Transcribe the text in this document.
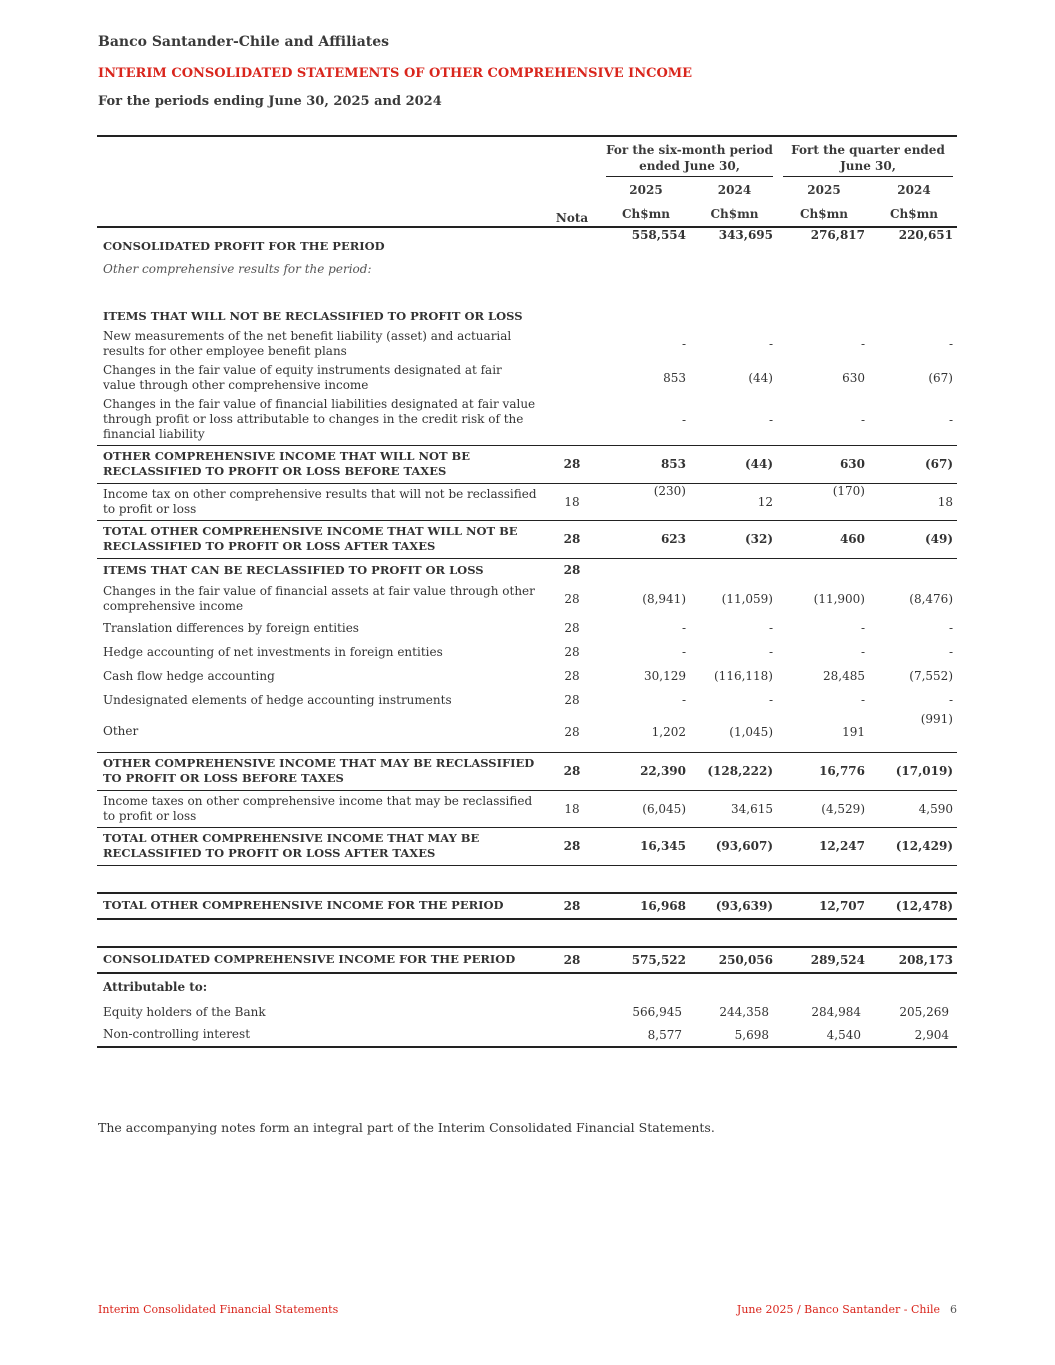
Banco Santander-Chile and Affiliates

INTERIM CONSOLIDATED STATEMENTS OF OTHER COMPREHENSIVE INCOME

For the periods ending June 30, 2025 and 2024

		For the six-month period ended June 30,		Fort the quarter ended June 30,	

		2025	2024	2025	2024
	Nota	Ch$mn	Ch$mn	Ch$mn	Ch$mn
CONSOLIDATED PROFIT FOR THE PERIOD		558,554	343,695	276,817	220,651
Other comprehensive results for the period:					

ITEMS THAT WILL NOT BE RECLASSIFIED TO PROFIT OR LOSS					
New measurements of the net benefit liability (asset) and actuarial results for other employee benefit plans		-	-	-	-
Changes in the fair value of equity instruments designated at fair value through other comprehensive income		853	(44)	630	(67)
Changes in the fair value of financial liabilities designated at fair value through profit or loss attributable to changes in the credit risk of the financial liability		-	-	-	-
OTHER COMPREHENSIVE INCOME THAT WILL NOT BE RECLASSIFIED TO PROFIT OR LOSS BEFORE TAXES	28	853	(44)	630	(67)
Income tax on other comprehensive results that will not be reclassified to profit or loss	18	(230)	12	(170)	18
TOTAL OTHER COMPREHENSIVE INCOME THAT WILL NOT BE RECLASSIFIED TO PROFIT OR LOSS AFTER TAXES	28	623	(32)	460	(49)
ITEMS THAT CAN BE RECLASSIFIED TO PROFIT OR LOSS	28				
Changes in the fair value of financial assets at fair value through other comprehensive income	28	(8,941)	(11,059)	(11,900)	(8,476)
Translation differences by foreign entities	28	-	-	-	-
Hedge accounting of net investments in foreign entities	28	-	-	-	-
Cash flow hedge accounting	28	30,129	(116,118)	28,485	(7,552)
Undesignated elements of hedge accounting instruments	28	-	-	-	-
Other	28	1,202	(1,045)	191	(991)
OTHER COMPREHENSIVE INCOME THAT MAY BE RECLASSIFIED TO PROFIT OR LOSS BEFORE TAXES	28	22,390	(128,222)	16,776	(17,019)
Income taxes on other comprehensive income that may be reclassified to profit or loss	18	(6,045)	34,615	(4,529)	4,590
TOTAL OTHER COMPREHENSIVE INCOME THAT MAY BE RECLASSIFIED TO PROFIT OR LOSS AFTER TAXES	28	16,345	(93,607)	12,247	(12,429)

TOTAL OTHER COMPREHENSIVE INCOME FOR THE PERIOD	28	16,968	(93,639)	12,707	(12,478)

CONSOLIDATED COMPREHENSIVE INCOME FOR THE PERIOD	28	575,522	250,056	289,524	208,173
Attributable to:					
Equity holders of the Bank		566,945	244,358	284,984	205,269
Non-controlling interest		8,577	5,698	4,540	2,904

The accompanying notes form an integral part of the Interim Consolidated Financial Statements.

Interim Consolidated Financial Statements	June 2025 / Banco Santander - Chile 6
